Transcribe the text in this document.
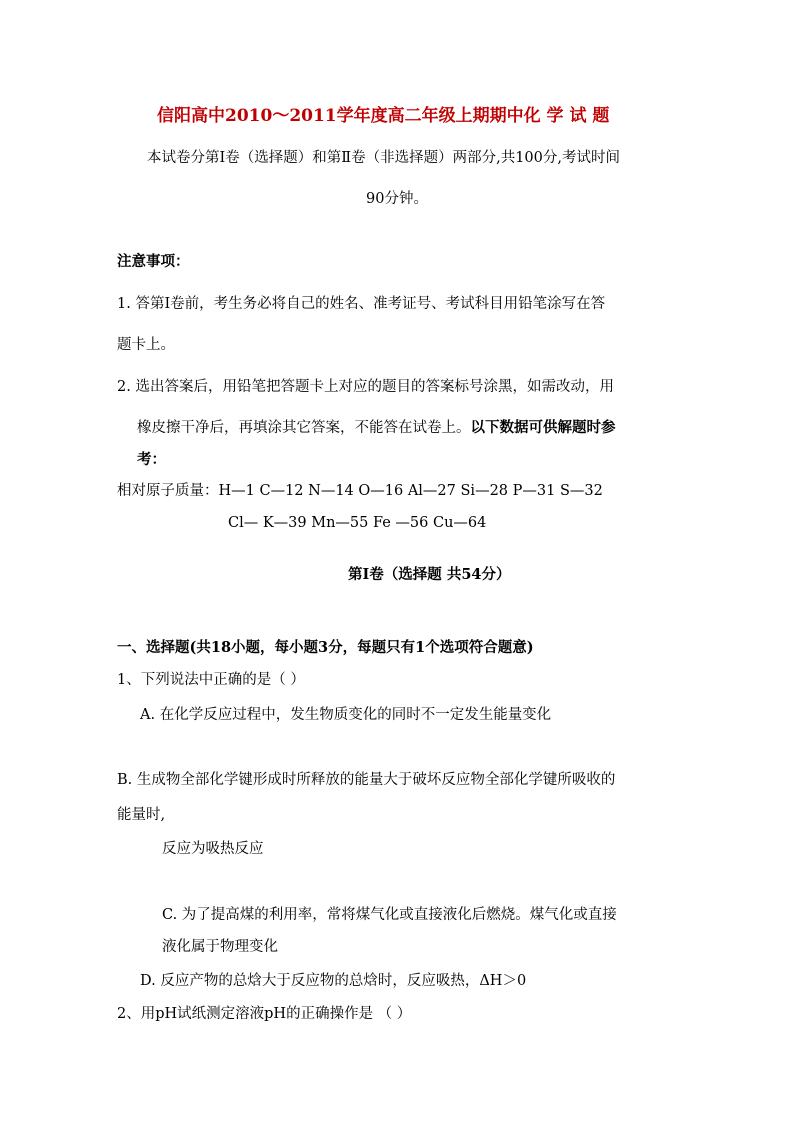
信阳高中2010～2011学年度高二年级上期期中化 学 试 题
本试卷分第Ⅰ卷（选择题）和第Ⅱ卷（非选择题）两部分,共100分,考试时间
90分钟。
注意事项：
1. 答第Ⅰ卷前，考生务必将自己的姓名、准考证号、考试科目用铅笔涂写在答
题卡上。
2. 选出答案后，用铅笔把答题卡上对应的题目的答案标号涂黑，如需改动，用
橡皮擦干净后，再填涂其它答案，不能答在试卷上。以下数据可供解题时参
考：
相对原子质量：H—1 C—12 N—14 O—16 Al—27 Si—28 P—31 S—32
Cl— K—39 Mn—55 Fe —56 Cu—64
第Ⅰ卷（选择题 共54分）
一、选择题(共18小题，每小题3分，每题只有1个选项符合题意)
1、下列说法中正确的是（ ）
A. 在化学反应过程中，发生物质变化的同时不一定发生能量变化
B. 生成物全部化学键形成时所释放的能量大于破坏反应物全部化学键所吸收的
能量时,
反应为吸热反应
C. 为了提高煤的利用率，常将煤气化或直接液化后燃烧。煤气化或直接
液化属于物理变化
D. 反应产物的总焓大于反应物的总焓时，反应吸热，ΔH＞0
2、用pH试纸测定溶液pH的正确操作是 （ ）
